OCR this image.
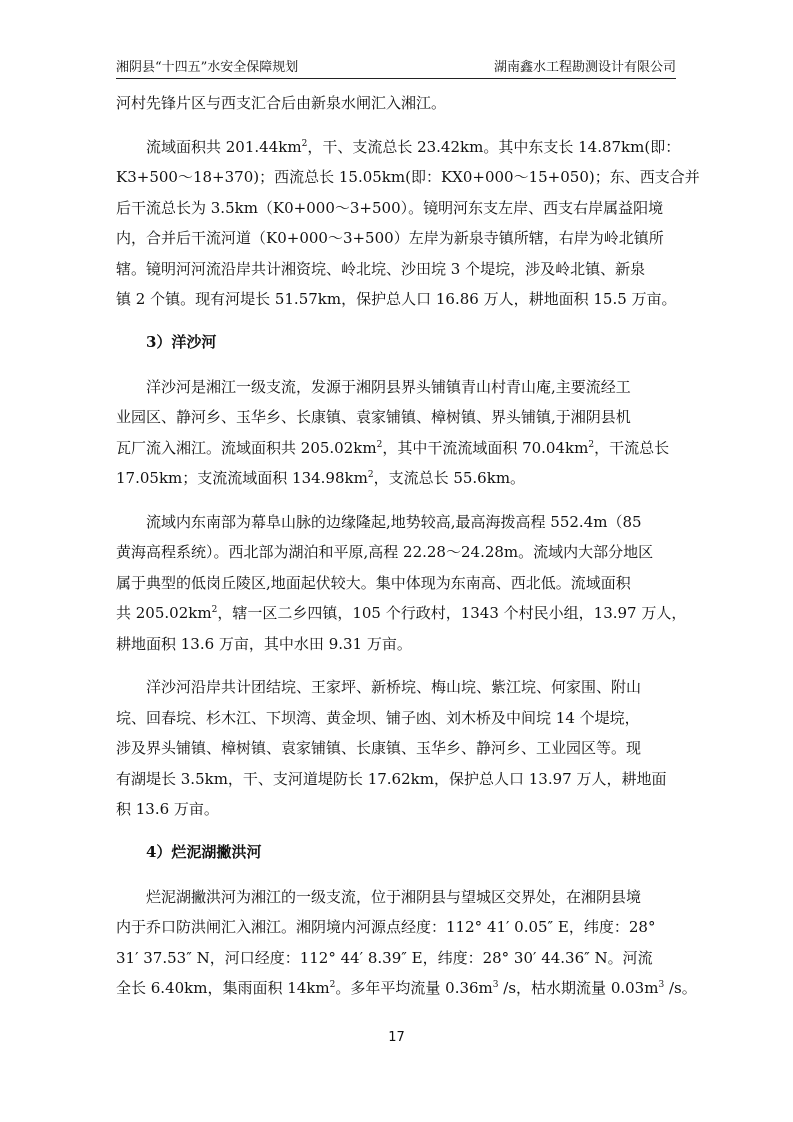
湘阴县“十四五”水安全保障规划	湖南鑫水工程勘测设计有限公司
河村先锋片区与西支汇合后由新泉水闸汇入湘江。
流域面积共 $201.44km^2$，干、支流总长 23.42km。其中东支长 14.87km(即：
K3+500～18+370)；西流总长 15.05km(即：KX0+000～15+050)；东、西支合并
后干流总长为 3.5km（K0+000～3+500）。镜明河东支左岸、西支右岸属益阳境
内，合并后干流河道（K0+000～3+500）左岸为新泉寺镇所辖，右岸为岭北镇所
辖。镜明河河流沿岸共计湘资垸、岭北垸、沙田垸 3 个堤垸，涉及岭北镇、新泉
镇 2 个镇。现有河堤长 51.57km，保护总人口 16.86 万人，耕地面积 15.5 万亩。
3）洋沙河
洋沙河是湘江一级支流，发源于湘阴县界头铺镇青山村青山庵,主要流经工
业园区、静河乡、玉华乡、长康镇、袁家铺镇、樟树镇、界头铺镇,于湘阴县机
瓦厂流入湘江。流域面积共 $205.02km^2$，其中干流流域面积 $70.04km^2$，干流总长
17.05km；支流流域面积 $134.98km^2$，支流总长 55.6km。
流域内东南部为幕阜山脉的边缘隆起,地势较高,最高海拨高程 552.4m（85
黄海高程系统）。西北部为湖泊和平原,高程 22.28～24.28m。流域内大部分地区
属于典型的低岗丘陵区,地面起伏较大。集中体现为东南高、西北低。流域面积
共 $205.02km^2$，辖一区二乡四镇，105 个行政村，1343 个村民小组，13.97 万人，
耕地面积 13.6 万亩，其中水田 9.31 万亩。
洋沙河沿岸共计团结垸、王家坪、新桥垸、梅山垸、紫江垸、何家围、附山
垸、回春垸、杉木江、下坝湾、黄金坝、铺子凼、刘木桥及中间垸 14 个堤垸，
涉及界头铺镇、樟树镇、袁家铺镇、长康镇、玉华乡、静河乡、工业园区等。现
有湖堤长 3.5km，干、支河道堤防长 17.62km，保护总人口 13.97 万人，耕地面
积 13.6 万亩。
4）烂泥湖撇洪河
烂泥湖撇洪河为湘江的一级支流，位于湘阴县与望城区交界处，在湘阴县境
内于乔口防洪闸汇入湘江。湘阴境内河源点经度：112° 41′ 0.05″ E，纬度：28°
31′ 37.53″ N，河口经度：112° 44′ 8.39″ E，纬度：28° 30′ 44.36″ N。河流
全长 6.40km，集雨面积 $14km^2$。多年平均流量 $0.36m^3$ /s，枯水期流量 $0.03m^3$ /s。
17
